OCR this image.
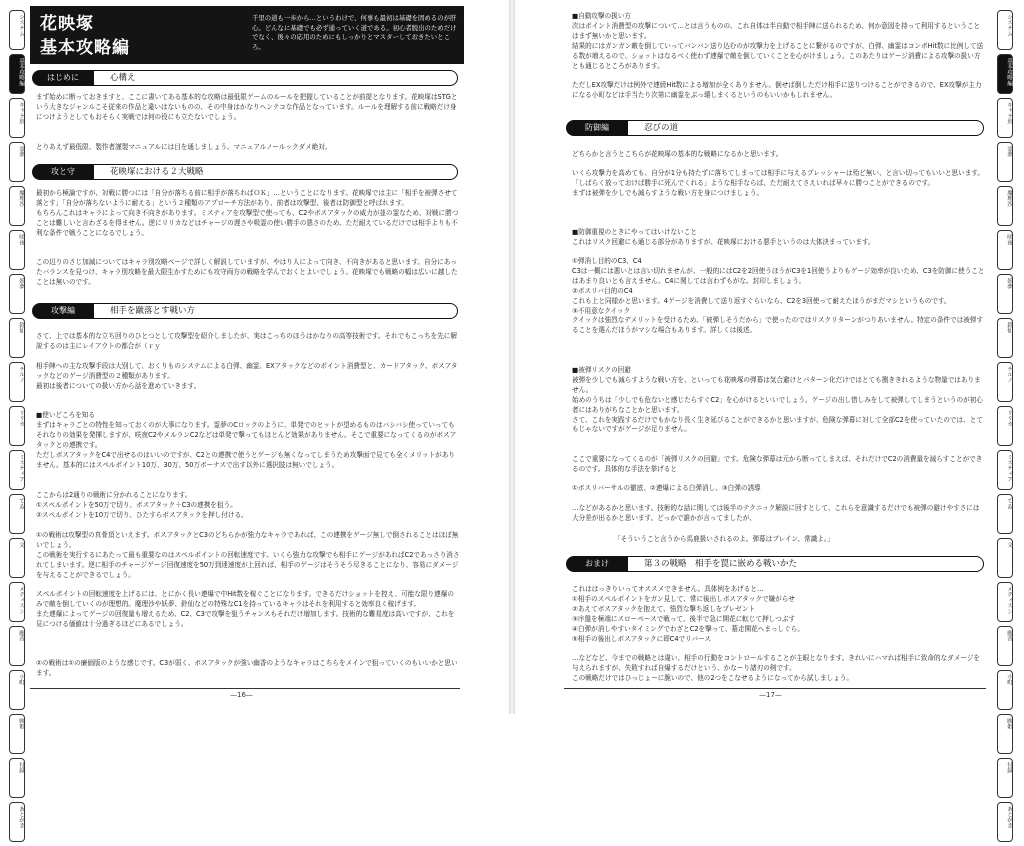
システム
基本攻略編
キャラ別
霊夢
魔理沙
咲夜
妖夢
鈴仙
チルノ
リリカ
ミスティア
てゐ
文
メディスン
幽香
小町
映姫
付録
あとがき
システム
基本攻略編
キャラ別
霊夢
魔理沙
咲夜
妖夢
鈴仙
チルノ
リリカ
ミスティア
てゐ
文
メディスン
幽香
小町
映姫
付録
あとがき
花映塚
基本攻略編
千里の道も一歩から…というわけで、何事も最初は基礎を固めるのが肝心。どんなに基礎でも必ず通っていく道である。初心者脱出のためだけでなく、後々の応用のためにもしっかりとマスターしておきたいところ。
はじめに	心構え
まず始めに断っておきますと、ここに書いてある基本的な攻略は最低限ゲームのルールを把握していることが前提となります。花映塚はSTGという大きなジャンルこそ従来の作品と違いはないものの、その中身はかなりヘンテコな作品となっています。ルールを理解する前に戦略だけ身につけようとしてもおそらく実戦では何の役にも立たないでしょう。
とりあえず最低限、製作者謹製マニュアルには目を通しましょう。マニュアルノールックダメ絶対。
攻と守	花映塚における２大戦略
最初から極論ですが、対戦に勝つには「自分が落ちる前に相手が落ちればＯＫ」…ということになります。花映塚では主に「相手を被弾させて落とす」「自分が落ちないように耐える」という２種類のアプローチ方法があり、前者は攻撃型、後者は防御型と呼ばれます。
もちろんこれはキャラによって向き不向きがあります。ミスティアを攻撃型で使っても、C2やボスアタックの威力が並の霊なため、対戦に勝つことは難しいと言わざるを得ません。逆にリリカなどはチャージの遅さや吸霊の使い勝手の悪さのため、ただ耐えているだけでは相手よりも不利な条件で戦うことになるでしょう。
この辺りのさじ加減についてはキャラ別攻略ページで詳しく解説していますが、やはり人によって向き、不向きがあると思います。自分にあったバランスを見つけ、キャラ別攻略を最大限生かすためにも攻守両方の戦略を学んでおくとよいでしょう。花映塚でも戦略の幅は広いに越したことは無いのです。
攻撃編	相手を蹴落とす戦い方
さて、上では基本的な立ち回りのひとつとして攻撃型を紹介しましたが、実はこっちのほうはかなりの高等技術です。それでもこっちを先に解説するのは主にレイアウトの都合が（ｒｙ
相手陣への主な攻撃手段は大別して、おくりものシステムによる白弾、幽霊、EXアタックなどのポイント消費型と、カードアタック、ボスアタックなどのゲージ消費型の２種類があります。
最初は後者についての扱い方から話を進めていきます。
■使いどころを知る
まずはキャラごとの特性を知っておくのが大事になります。霊夢のCロックのように、単発でのヒットが望めるものはバシバシ使っていってもそれなりの効果を発揮しますが、咲夜C2やメルランC2などは単発で撃ってもほとんど効果がありません。そこで重要になってくるのがボスアタックとの連携です。
ただしボスアタックをC4で出せるのはいいのですが、C2との連携で使うとゲージも無くなってしまうため攻撃面で見ても全くメリットがありません。基本的にはスペルポイント10万、30万、50万ボーナスで出す以外に選択肢は無いでしょう。
ここからは2通りの戦術に分かれることになります。
①スペルポイントを50万で切り、ボスアタック＋C3の連携を狙う。
②スペルポイントを10万で切り、ひたすらボスアタックを押し付ける。
①の戦術は攻撃型の真骨頂といえます。ボスアタックとC3のどちらかが強力なキャラであれば、この連携をゲージ無しで倒されることはほぼ無いでしょう。
この戦術を実行するにあたって最も重要なのはスペルポイントの回転速度です。いくら強力な攻撃でも相手にゲージがあればC2であっさり消されてしまいます。逆に相手のチャージゲージ回復速度を50万到達速度が上回れば、相手のゲージはそうそう尽きることになり、容易にダメージを与えることができるでしょう。
スペルポイントの回転速度を上げるには、とにかく長い連爆で中Hit数を稼ぐことになります。できるだけショットを控え、可能な限り連爆のみで敵を倒していくのが理想的。魔理沙や妖夢、鈴仙などの特殊なC1を持っているキャラはそれを利用すると効率良く稼げます。
また連爆によってゲージの回復量も増えるため、C2、C3で攻撃を狙うチャンスもそれだけ増加します。技術的な難易度は高いですが、これを見につける価値は十分過ぎるほどにあるでしょう。
②の戦術は①の廉価版のような感じです。C3が弱く、ボスアタックが強い幽香のようなキャラはこちらをメインで狙っていくのもいいかと思います。
—16—
■自動攻撃の扱い方
次はポイント消費型の攻撃について…とは言うものの、これ自体は半自動で相手陣に送られるため、何か意図を持って利用するということはまず無いかと思います。
結果的にはガンガン敵を倒していってバンバン送り込むのが攻撃力を上げることに繋がるのですが、白弾、幽霊はコンボHit数に比例して送る数が増えるので、ショットはなるべく使わず連爆で敵を倒していくことを心がけましょう。このあたりはゲージ消費による攻撃の扱い方とも通じるところがあります。
ただしEX攻撃だけは例外で連続Hit数による増加が全くありません。倒せば倒しただけ相手に送りつけることができるので、EX攻撃が主力になる小町などは手当たり次第に幽霊をぶっ壊しまくるというのもいいかもしれません。
防御編	忍びの道
どちらかと言うとこちらが花映塚の基本的な戦略になるかと思います。
いくら攻撃力を高めても、自分が1分も持たずに落ちてしまっては相手に与えるプレッシャーは殆ど無い、と言い切ってもいいと思います。「しばらく放っておけば勝手に死んでくれる」ような相手ならば、ただ耐えてさえいれば早々に勝つことができるのです。
まずは被弾を少しでも減らすような戦い方を身につけましょう。
■防御重視のときにやってはいけないこと
これはリスク回避にも通じる部分がありますが、花映塚における悪手というのは大体決まっています。
①弾消し目的のC3、C4
C3は一概には悪いとは言い切れませんが、一般的にはC2を2回使うほうがC3を1回使うよりもゲージ効率が良いため、C3を防御に使うことはあまり良いとも言えません。C4に関しては言わずもがな。封印しましょう。
②ボスリバ目的のC4
これも上と同様かと思います。4ゲージを消費して送り返すぐらいなら、C2を3回使って耐えたほうがまだマシというものです。
③不用意なクイック
クイックは強烈なデメリットを受けるため、「被弾しそうだから」で使ったのではリスクリターンがつりあいません。特定の条件では被弾することを選んだほうがマシな場合もあります。詳しくは後述。
■被弾リスクの回避
被弾を少しでも減らすような戦い方を、といっても花映塚の弾幕は気合避けとパターン化だけではとても捌ききれるような物量ではありません。
始めのうちは「少しでも危ないと感じたらすぐC2」を心がけるといいでしょう。ゲージの出し惜しみをして被弾してしまうというのが初心者にはありがちなことかと思います。
さて、これを実践するだけでもかなり長く生き延びることができるかと思いますが、危険な弾幕に対して全部C2を使っていたのでは、とてもじゃないですがゲージが足りません。
ここで重要になってくるのが「被弾リスクの回避」です。危険な弾幕は元から断ってしまえば、それだけでC2の消費量を減らすことができるのです。具体的な手法を挙げると
①ボスリバーサルの徹底、②連爆による白弾消し、③白弾の誘導
…などがあるかと思います。技術的な話に関しては後半のテクニック解説に回すとして、これらを意識するだけでも被弾の避けやすさには大分差が出るかと思います。どっかで誰かが言ってましたが、
「そういうこと言うから馬鹿扱いされるのよ。弾幕はブレイン、常識よ。」
おまけ	第３の戦略　相手を罠に嵌める戦いかた
これははっきりいってオススメできません。具体例をあげると…
①相手のスペルポイントをガン見して、常に後出しボスアタックで嫌がらせ
②あえてボスアタックを抱えて、強烈な撃ち返しをプレゼント
③序盤を極端にスローペースで戦って、後半で急に開花に転じて押しつぶす
④白弾が消しやすいタイミングでわざとC2を撃って、墓走開花ヘまっしぐら。
⑤相手の後出しボスアタックに即C4でリバース
…などなど、今までの戦略とは違い、相手の行動をコントロールすることが主眼となります。きれいにハマれば相手に致命的なダメージを与えられますが、失敗すれば自爆するだけという、かなーり諸刃の剣です。
この戦略だけではひっじょーに脆いので、他の2つをこなせるようになってから試しましょう。
—17—
